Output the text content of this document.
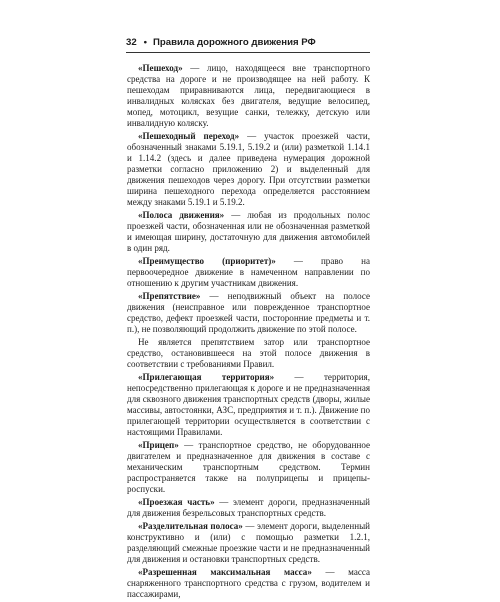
32 • Правила дорожного движения РФ

«Пешеход» — лицо, находящееся вне транспортного средства на дороге и не производящее на ней работу. К пешеходам приравниваются лица, передвигающиеся в инвалидных колясках без двигателя, ведущие велосипед, мопед, мотоцикл, везущие санки, тележку, детскую или инвалидную коляску.

«Пешеходный переход» — участок проезжей части, обозначенный знаками 5.19.1, 5.19.2 и (или) разметкой 1.14.1 и 1.14.2 (здесь и далее приведена нумерация дорожной разметки согласно приложению 2) и выделенный для движения пешеходов через дорогу. При отсутствии разметки ширина пешеходного перехода определяется расстоянием между знаками 5.19.1 и 5.19.2.

«Полоса движения» — любая из продольных полос проезжей части, обозначенная или не обозначенная разметкой и имеющая ширину, достаточную для движения автомобилей в один ряд.

«Преимущество (приоритет)» — право на первоочередное движение в намеченном направлении по отношению к другим участникам движения.

«Препятствие» — неподвижный объект на полосе движения (неисправное или поврежденное транспортное средство, дефект проезжей части, посторонние предметы и т. п.), не позволяющий продолжить движение по этой полосе.

Не является препятствием затор или транспортное средство, остановившееся на этой полосе движения в соответствии с требованиями Правил.

«Прилегающая территория» — территория, непосредственно прилегающая к дороге и не предназначенная для сквозного движения транспортных средств (дворы, жилые массивы, автостоянки, АЗС, предприятия и т. п.). Движение по прилегающей территории осуществляется в соответствии с настоящими Правилами.

«Прицеп» — транспортное средство, не оборудованное двигателем и предназначенное для движения в составе с механическим транспортным средством. Термин распространяется также на полуприцепы и прицепы-роспуски.

«Проезжая часть» — элемент дороги, предназначенный для движения безрельсовых транспортных средств.

«Разделительная полоса» — элемент дороги, выделенный конструктивно и (или) с помощью разметки 1.2.1, разделяющий смежные проезжие части и не предназначенный для движения и остановки транспортных средств.

«Разрешенная максимальная масса» — масса снаряженного транспортного средства с грузом, водителем и пассажирами,
